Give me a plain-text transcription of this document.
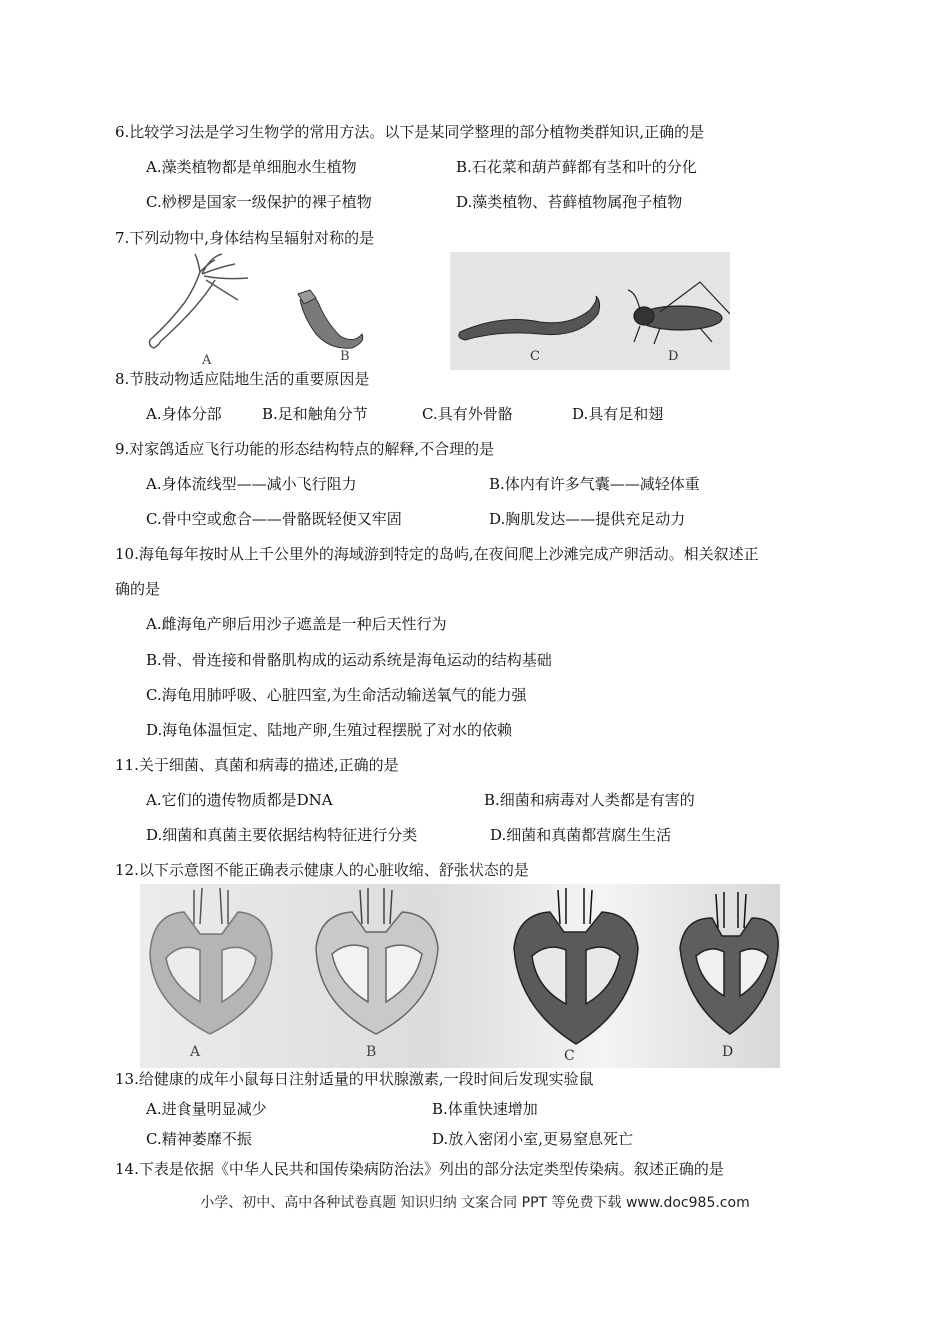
6.比较学习法是学习生物学的常用方法。以下是某同学整理的部分植物类群知识,正确的是
A.藻类植物都是单细胞水生植物	B.石花菜和葫芦藓都有茎和叶的分化
C.桫椤是国家一级保护的裸子植物	D.藻类植物、苔藓植物属孢子植物
7.下列动物中,身体结构呈辐射对称的是
A	B	C	D
8.节肢动物适应陆地生活的重要原因是
A.身体分部	B.足和触角分节	C.具有外骨骼	D.具有足和翅
9.对家鸽适应飞行功能的形态结构特点的解释,不合理的是
A.身体流线型——减小飞行阻力	B.体内有许多气囊——减轻体重
C.骨中空或愈合——骨骼既轻便又牢固	D.胸肌发达——提供充足动力
10.海龟每年按时从上千公里外的海域游到特定的岛屿,在夜间爬上沙滩完成产卵活动。相关叙述正
确的是
A.雌海龟产卵后用沙子遮盖是一种后天性行为
B.骨、骨连接和骨骼肌构成的运动系统是海龟运动的结构基础
C.海龟用肺呼吸、心脏四室,为生命活动输送氧气的能力强
D.海龟体温恒定、陆地产卵,生殖过程摆脱了对水的依赖
11.关于细菌、真菌和病毒的描述,正确的是
A.它们的遗传物质都是DNA	B.细菌和病毒对人类都是有害的
D.细菌和真菌主要依据结构特征进行分类	D.细菌和真菌都营腐生生活
12.以下示意图不能正确表示健康人的心脏收缩、舒张状态的是
A	B	C	D
13.给健康的成年小鼠每日注射适量的甲状腺激素,一段时间后发现实验鼠
A.进食量明显减少	B.体重快速增加
C.精神萎靡不振	D.放入密闭小室,更易窒息死亡
14.下表是依据《中华人民共和国传染病防治法》列出的部分法定类型传染病。叙述正确的是
小学、初中、高中各种试卷真题 知识归纳 文案合同 PPT 等免费下载 www.doc985.com
